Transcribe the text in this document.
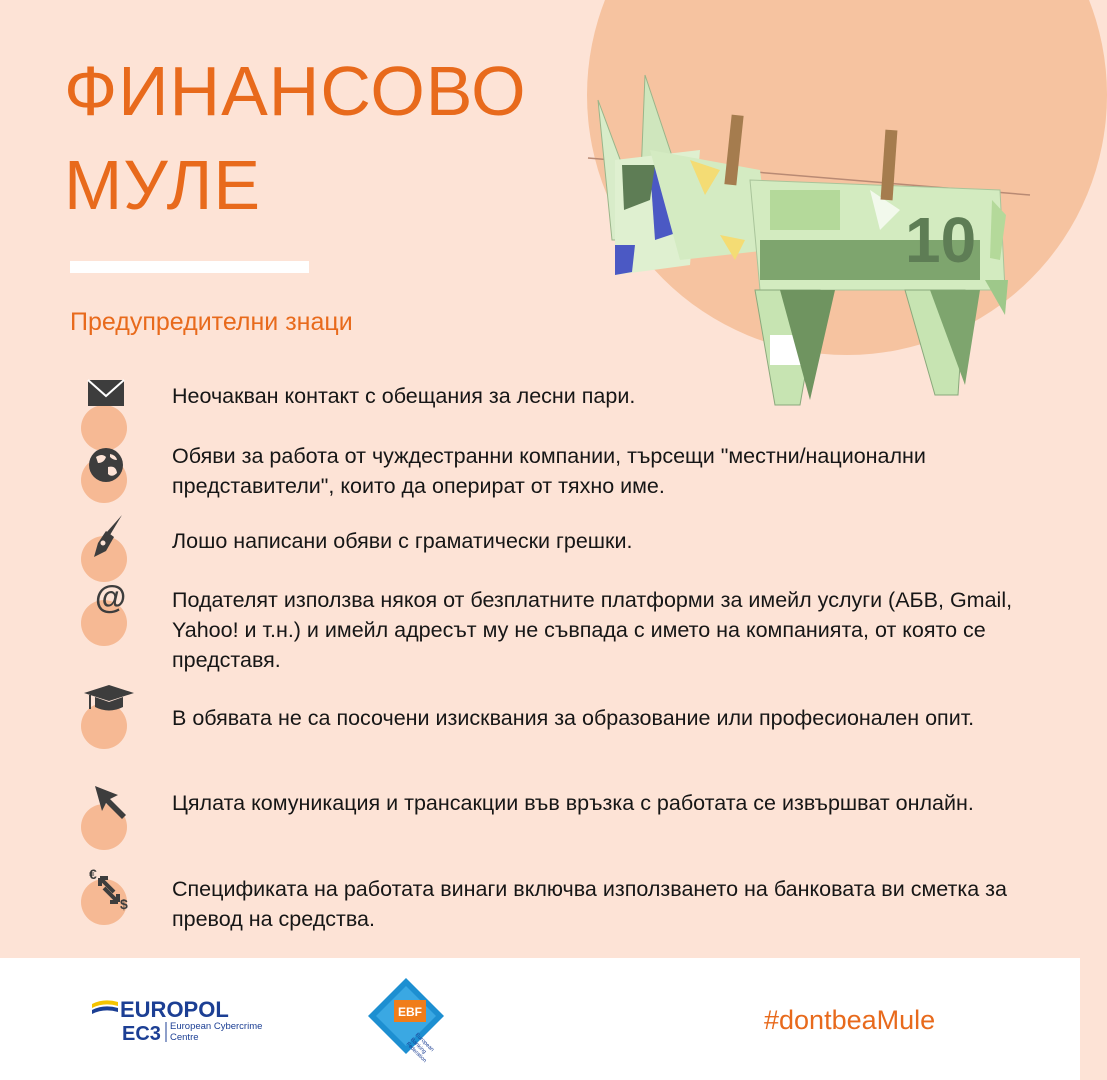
10
ФИНАНСОВО
МУЛЕ
Предупредителни знаци

Неочакван контакт с обещания за лесни пари.

Обяви за работа от чуждестранни компании, търсещи "местни/национални представители", които да оперират от тяхно име.

Лошо написани обяви с граматически грешки.

@ Подателят използва някоя от безплатните платформи за имейл услуги (АБВ, Gmail, Yahoo! и т.н.) и имейл адресът му не съвпада с името на компанията, от която се представя.

В обявата не са посочени изисквания за образование или професионален опит.

Цялата комуникация и трансакции във връзка с работата се извършват онлайн.

€
$

Спецификата на работата винаги включва използването на банковата ви сметка за превод на средства.

EUROPOL
EC3 European Cybercrime Centre
EBF
European Banking Federation

#dontbeaMule
